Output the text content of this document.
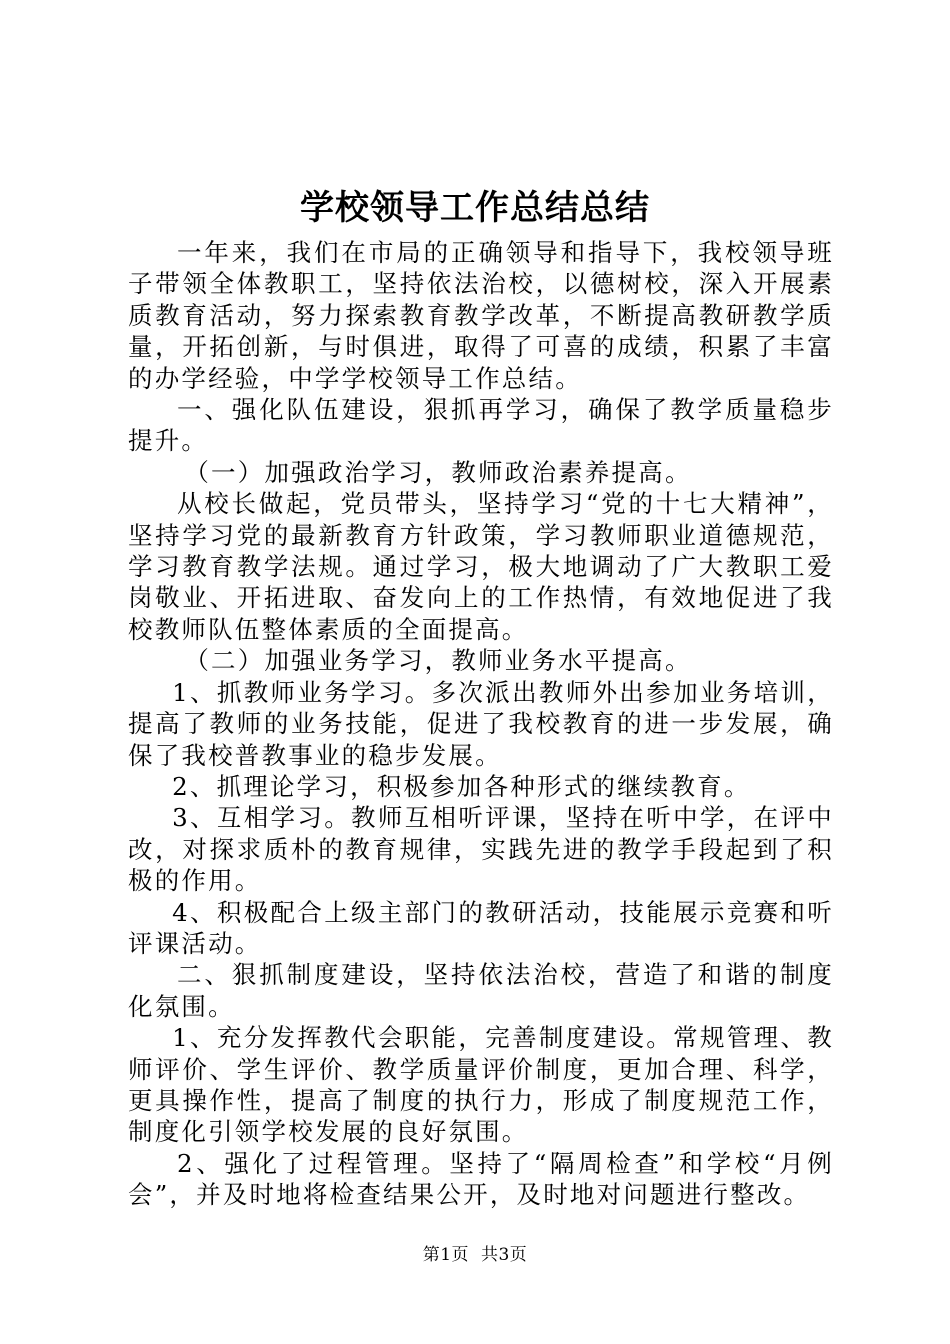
学校领导工作总结总结

一年来，我们在市局的正确领导和指导下，我校领导班子带领全体教职工，坚持依法治校，以德树校，深入开展素质教育活动，努力探索教育教学改革，不断提高教研教学质量，开拓创新，与时俱进，取得了可喜的成绩，积累了丰富的办学经验，中学学校领导工作总结。

一、强化队伍建设，狠抓再学习，确保了教学质量稳步提升。

（一）加强政治学习，教师政治素养提高。

从校长做起，党员带头，坚持学习“党的十七大精神”，坚持学习党的最新教育方针政策，学习教师职业道德规范，学习教育教学法规。通过学习，极大地调动了广大教职工爱岗敬业、开拓进取、奋发向上的工作热情，有效地促进了我校教师队伍整体素质的全面提高。

（二）加强业务学习，教师业务水平提高。

1、抓教师业务学习。多次派出教师外出参加业务培训，提高了教师的业务技能，促进了我校教育的进一步发展，确保了我校普教事业的稳步发展。

2、抓理论学习，积极参加各种形式的继续教育。

3、互相学习。教师互相听评课，坚持在听中学，在评中改，对探求质朴的教育规律，实践先进的教学手段起到了积极的作用。

4、积极配合上级主部门的教研活动，技能展示竞赛和听评课活动。

二、狠抓制度建设，坚持依法治校，营造了和谐的制度化氛围。

1、充分发挥教代会职能，完善制度建设。常规管理、教师评价、学生评价、教学质量评价制度，更加合理、科学，更具操作性，提高了制度的执行力，形成了制度规范工作，制度化引领学校发展的良好氛围。

2、强化了过程管理。坚持了“隔周检查”和学校“月例会”，并及时地将检查结果公开，及时地对问题进行整改。

第1页 共3页
